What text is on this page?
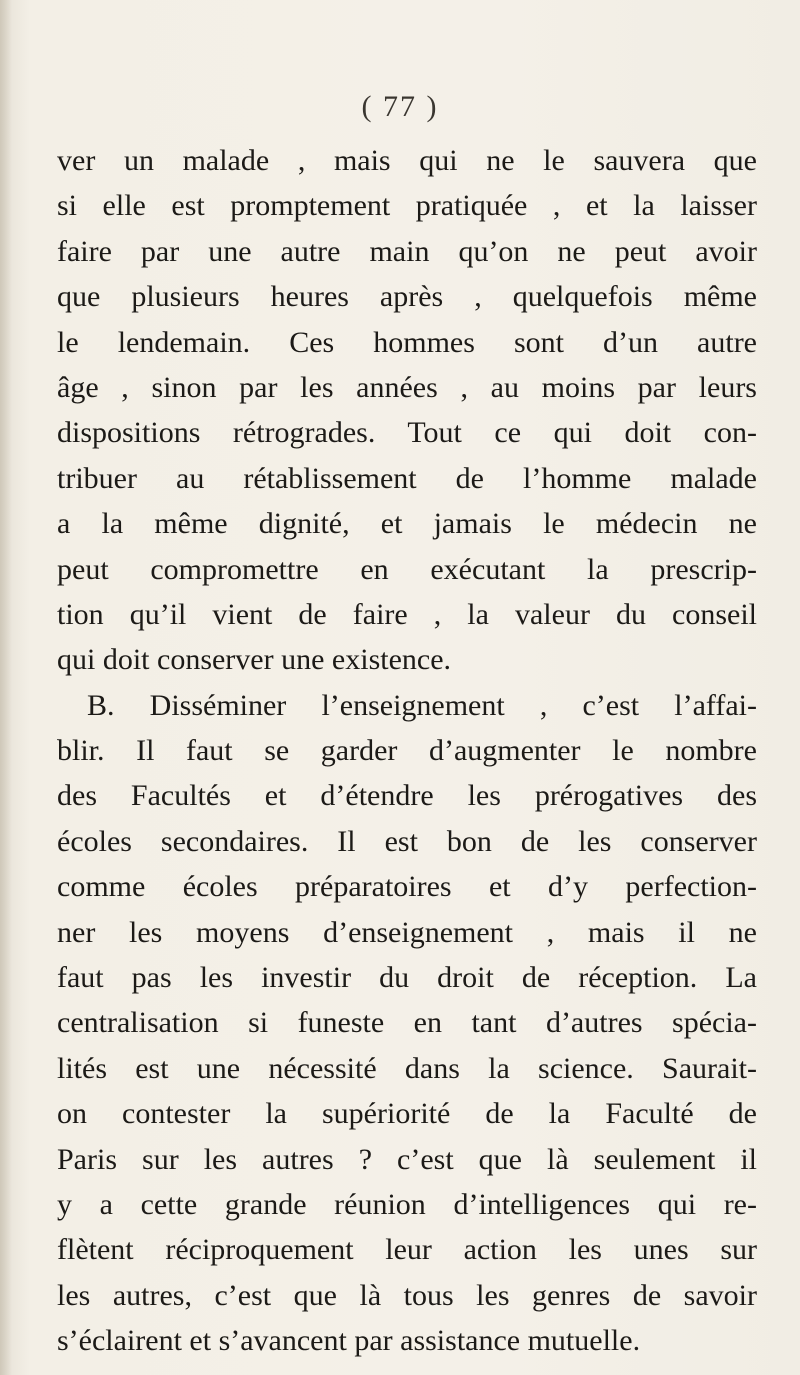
( 77 )
ver un malade , mais qui ne le sauvera que
si elle est promptement pratiquée , et la laisser
faire par une autre main qu’on ne peut avoir
que plusieurs heures après , quelquefois même
le lendemain. Ces hommes sont d’un autre
âge , sinon par les années , au moins par leurs
dispositions rétrogrades. Tout ce qui doit con-
tribuer au rétablissement de l’homme malade
a la même dignité, et jamais le médecin ne
peut compromettre en exécutant la prescrip-
tion qu’il vient de faire , la valeur du conseil
qui doit conserver une existence.
B. Disséminer l’enseignement , c’est l’affai-
blir. Il faut se garder d’augmenter le nombre
des Facultés et d’étendre les prérogatives des
écoles secondaires. Il est bon de les conserver
comme écoles préparatoires et d’y perfection-
ner les moyens d’enseignement , mais il ne
faut pas les investir du droit de réception. La
centralisation si funeste en tant d’autres spécia-
lités est une nécessité dans la science. Saurait-
on contester la supériorité de la Faculté de
Paris sur les autres ? c’est que là seulement il
y a cette grande réunion d’intelligences qui re-
flètent réciproquement leur action les unes sur
les autres, c’est que là tous les genres de savoir
s’éclairent et s’avancent par assistance mutuelle.
